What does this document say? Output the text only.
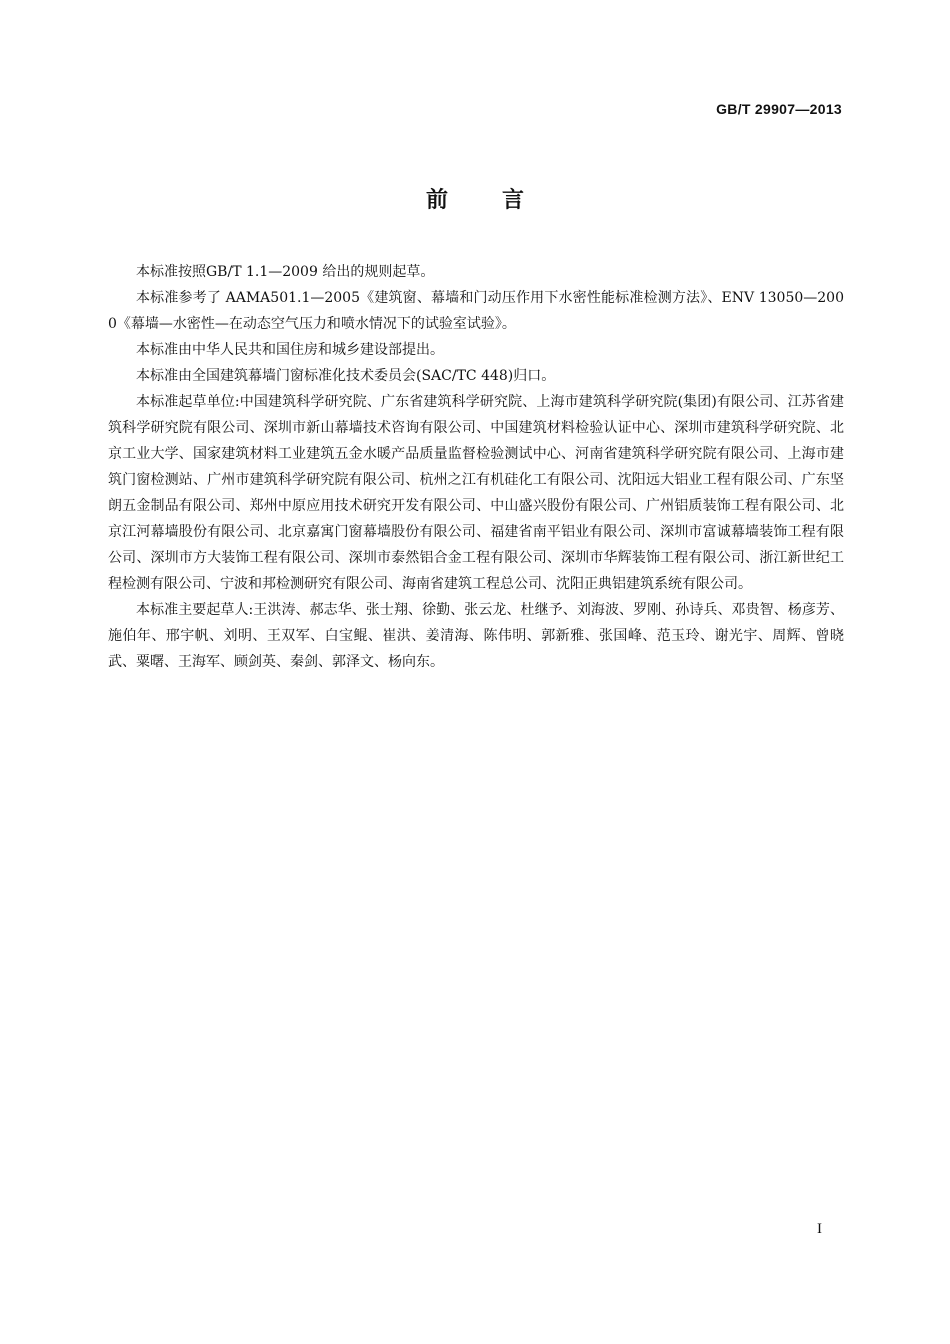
GB/T 29907—2013
前言

本标准按照GB/T 1.1—2009 给出的规则起草。

本标准参考了 AAMA501.1—2005《建筑窗、幕墙和门动压作用下水密性能标准检测方法》、ENV 13050—2000《幕墙—水密性—在动态空气压力和喷水情况下的试验室试验》。

本标准由中华人民共和国住房和城乡建设部提出。

本标准由全国建筑幕墙门窗标准化技术委员会(SAC/TC 448)归口。

本标准起草单位:中国建筑科学研究院、广东省建筑科学研究院、上海市建筑科学研究院(集团)有限公司、江苏省建筑科学研究院有限公司、深圳市新山幕墙技术咨询有限公司、中国建筑材料检验认证中心、深圳市建筑科学研究院、北京工业大学、国家建筑材料工业建筑五金水暖产品质量监督检验测试中心、河南省建筑科学研究院有限公司、上海市建筑门窗检测站、广州市建筑科学研究院有限公司、杭州之江有机硅化工有限公司、沈阳远大铝业工程有限公司、广东坚朗五金制品有限公司、郑州中原应用技术研究开发有限公司、中山盛兴股份有限公司、广州铝质装饰工程有限公司、北京江河幕墙股份有限公司、北京嘉寓门窗幕墙股份有限公司、福建省南平铝业有限公司、深圳市富诚幕墙装饰工程有限公司、深圳市方大装饰工程有限公司、深圳市泰然铝合金工程有限公司、深圳市华辉装饰工程有限公司、浙江新世纪工程检测有限公司、宁波和邦检测研究有限公司、海南省建筑工程总公司、沈阳正典铝建筑系统有限公司。

本标准主要起草人:王洪涛、郝志华、张士翔、徐勤、张云龙、杜继予、刘海波、罗刚、孙诗兵、邓贵智、杨彦芳、施伯年、邢宇帆、刘明、王双军、白宝鲲、崔洪、姜清海、陈伟明、郭新雅、张国峰、范玉玲、谢光宇、周辉、曾晓武、粟曙、王海军、顾剑英、秦剑、郭泽文、杨向东。

I
